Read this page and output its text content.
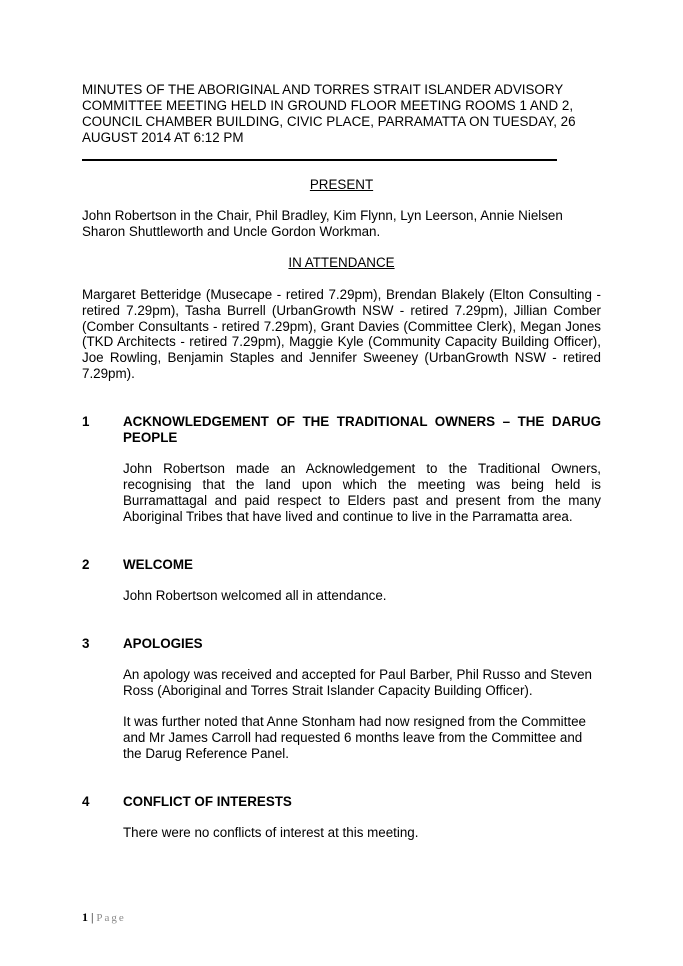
MINUTES OF THE ABORIGINAL AND TORRES STRAIT ISLANDER ADVISORY COMMITTEE MEETING HELD IN GROUND FLOOR MEETING ROOMS 1 AND 2, COUNCIL CHAMBER BUILDING, CIVIC PLACE, PARRAMATTA ON TUESDAY, 26 AUGUST 2014 AT 6:12 PM
PRESENT
John Robertson in the Chair, Phil Bradley, Kim Flynn, Lyn Leerson, Annie Nielsen Sharon Shuttleworth and Uncle Gordon Workman.
IN ATTENDANCE
Margaret Betteridge (Musecape - retired 7.29pm), Brendan Blakely (Elton Consulting -retired 7.29pm), Tasha Burrell (UrbanGrowth NSW - retired 7.29pm), Jillian Comber (Comber Consultants - retired 7.29pm), Grant Davies (Committee Clerk), Megan Jones (TKD Architects - retired 7.29pm), Maggie Kyle (Community Capacity Building Officer), Joe Rowling, Benjamin Staples and Jennifer Sweeney (UrbanGrowth NSW - retired 7.29pm).
1	ACKNOWLEDGEMENT OF THE TRADITIONAL OWNERS – THE DARUG PEOPLE
John Robertson made an Acknowledgement to the Traditional Owners, recognising that the land upon which the meeting was being held is Burramattagal and paid respect to Elders past and present from the many Aboriginal Tribes that have lived and continue to live in the Parramatta area.
2	WELCOME
John Robertson welcomed all in attendance.
3	APOLOGIES
An apology was received and accepted for Paul Barber, Phil Russo and Steven Ross (Aboriginal and Torres Strait Islander Capacity Building Officer).
It was further noted that Anne Stonham had now resigned from the Committee and Mr James Carroll had requested 6 months leave from the Committee and the Darug Reference Panel.
4	CONFLICT OF INTERESTS
There were no conflicts of interest at this meeting.
1 | Page
